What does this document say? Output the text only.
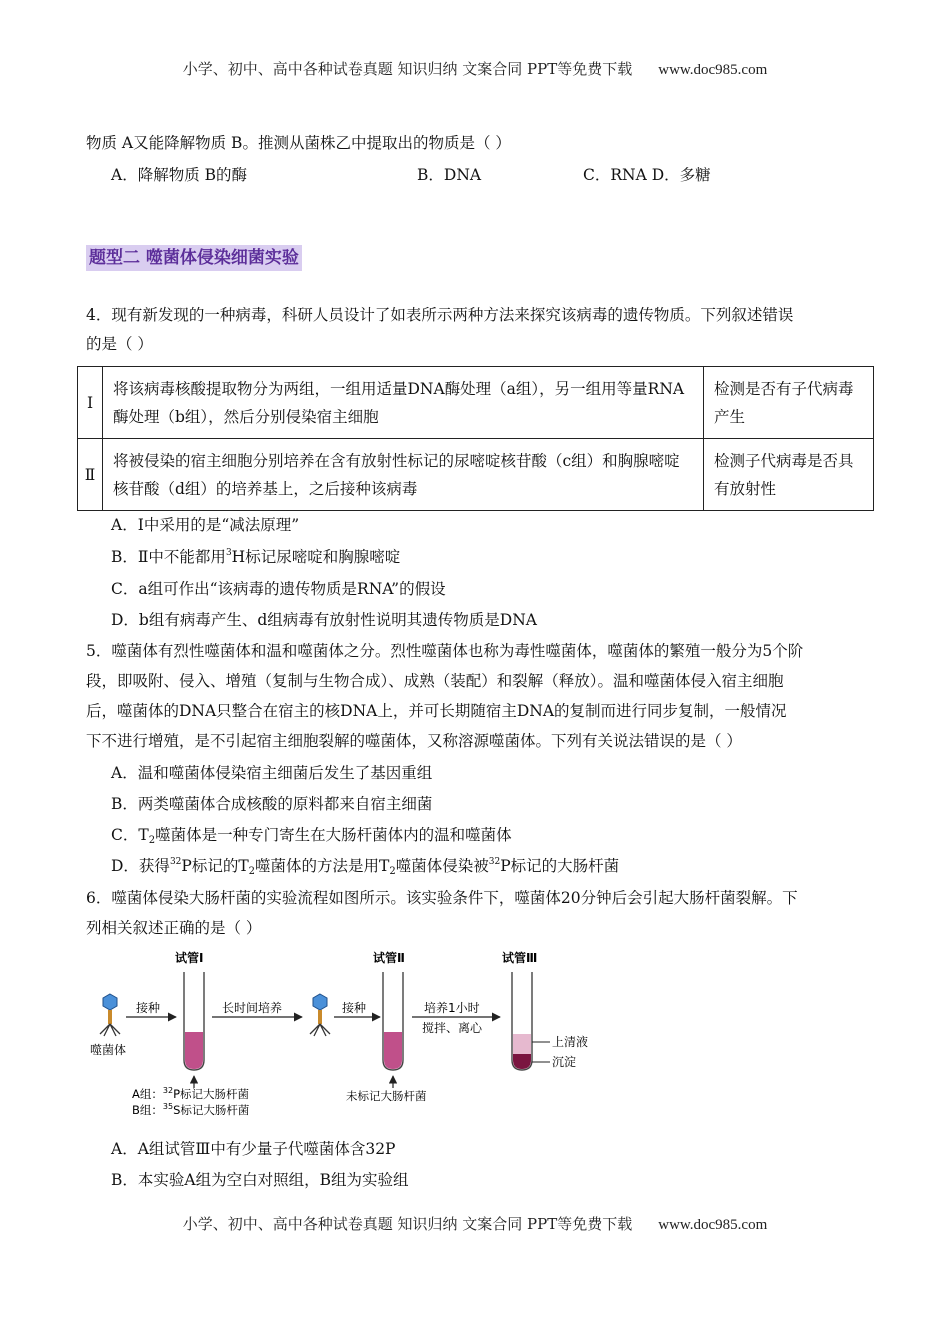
小学、初中、高中各种试卷真题 知识归纳 文案合同 PPT等免费下载 www.doc985.com
物质 A又能降解物质 B。推测从菌株乙中提取出的物质是（ ）
A．降解物质 B的酶	B．DNA	C．RNA D．多糖
题型二 噬菌体侵染细菌实验
4．现有新发现的一种病毒，科研人员设计了如表所示两种方法来探究该病毒的遗传物质。下列叙述错误
的是（ ）
Ⅰ	将该病毒核酸提取物分为两组，一组用适量DNA酶处理（a组），另一组用等量RNA酶处理（b组），然后分别侵染宿主细胞	检测是否有子代病毒产生
Ⅱ	将被侵染的宿主细胞分别培养在含有放射性标记的尿嘧啶核苷酸（c组）和胸腺嘧啶核苷酸（d组）的培养基上，之后接种该病毒	检测子代病毒是否具有放射性
A．Ⅰ中采用的是“减法原理”
B．Ⅱ中不能都用$^3$H标记尿嘧啶和胸腺嘧啶
C．a组可作出“该病毒的遗传物质是RNA”的假设
D．b组有病毒产生、d组病毒有放射性说明其遗传物质是DNA
5．噬菌体有烈性噬菌体和温和噬菌体之分。烈性噬菌体也称为毒性噬菌体，噬菌体的繁殖一般分为5个阶
段，即吸附、侵入、增殖（复制与生物合成）、成熟（装配）和裂解（释放）。温和噬菌体侵入宿主细胞
后，噬菌体的DNA只整合在宿主的核DNA上，并可长期随宿主DNA的复制而进行同步复制，一般情况
下不进行增殖，是不引起宿主细胞裂解的噬菌体，又称溶源噬菌体。下列有关说法错误的是（ ）
A．温和噬菌体侵染宿主细菌后发生了基因重组
B．两类噬菌体合成核酸的原料都来自宿主细菌
C．$T_2$噬菌体是一种专门寄生在大肠杆菌体内的温和噬菌体
D．获得$^{32}$P标记的$T_2$噬菌体的方法是用$T_2$噬菌体侵染被$^{32}$P标记的大肠杆菌
6．噬菌体侵染大肠杆菌的实验流程如图所示。该实验条件下，噬菌体20分钟后会引起大肠杆菌裂解。下
列相关叙述正确的是（ ）
噬菌体
接种
试管Ⅰ
A组：$^{32}$P标记大肠杆菌
B组：$^{35}$S标记大肠杆菌
长时间培养	接种
试管Ⅱ
未标记大肠杆菌
培养1小时
搅拌、离心
试管Ⅲ
上清液
沉淀
A．A组试管Ⅲ中有少量子代噬菌体含32P
B．本实验A组为空白对照组，B组为实验组
小学、初中、高中各种试卷真题 知识归纳 文案合同 PPT等免费下载 www.doc985.com
